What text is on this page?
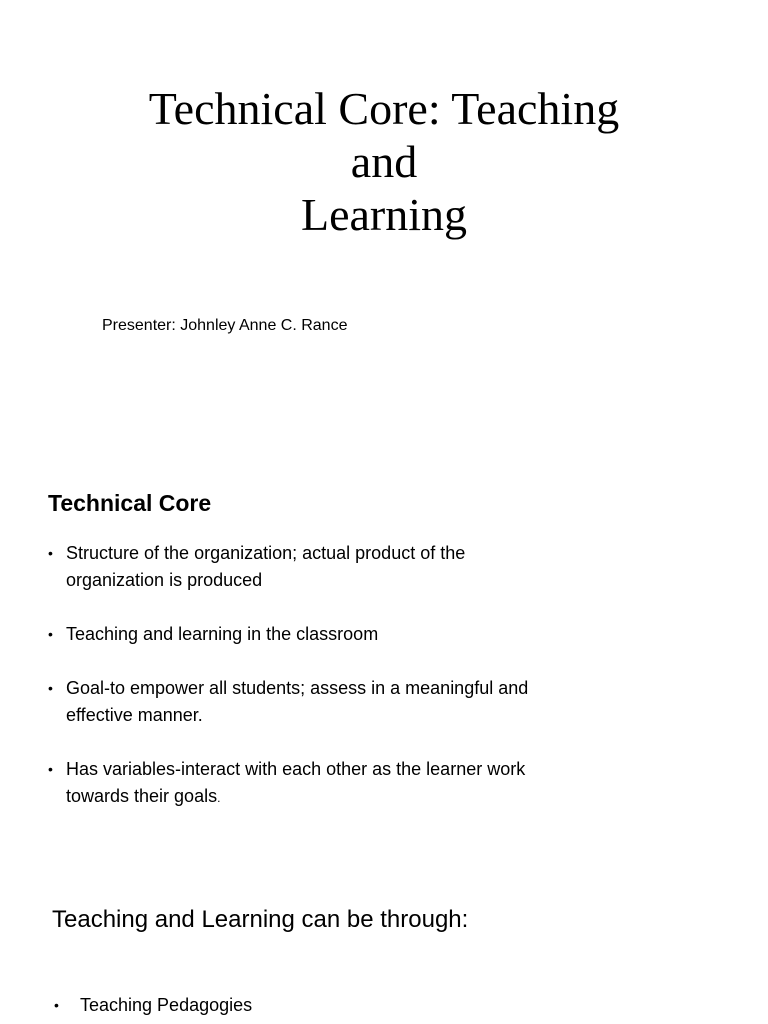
Technical Core: Teaching
and
Learning

Presenter: Johnley Anne C. Rance

Technical Core
• Structure of the organization; actual product of the organization is produced
• Teaching and learning in the classroom
• Goal-to empower all students; assess in a meaningful and effective manner.
• Has variables-interact with each other as the learner work towards their goals.
Teaching and Learning can be through:
• Teaching Pedagogies
